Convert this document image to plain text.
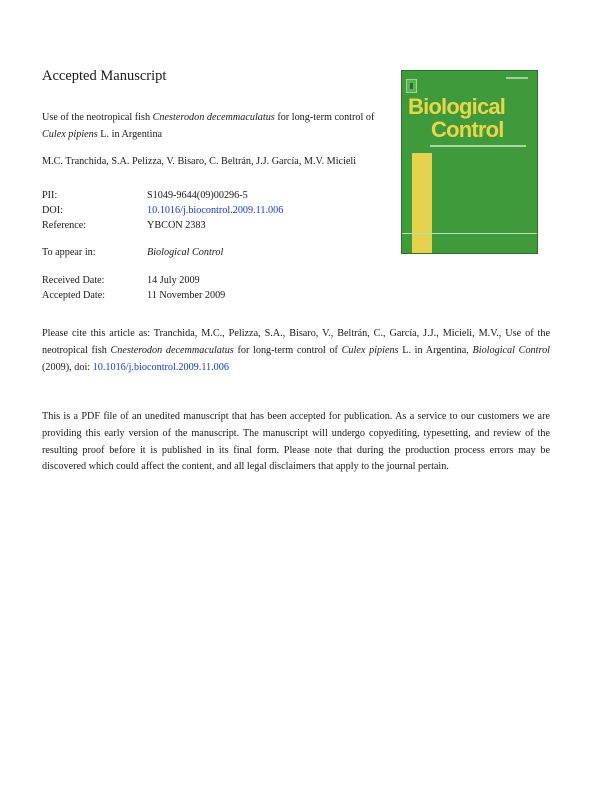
Accepted Manuscript
Use of the neotropical fish Cnesterodon decemmaculatus for long-term control of Culex pipiens L. in Argentina
M.C. Tranchida, S.A. Pelizza, V. Bisaro, C. Beltrán, J.J. García, M.V. Micieli
PII:	S1049-9644(09)00296-5
DOI:	10.1016/j.biocontrol.2009.11.006
Reference:	YBCON 2383
To appear in:	Biological Control
Received Date:	14 July 2009
Accepted Date:	11 November 2009
Please cite this article as: Tranchida, M.C., Pelizza, S.A., Bisaro, V., Beltrán, C., García, J.J., Micieli, M.V., Use of the neotropical fish Cnesterodon decemmaculatus for long-term control of Culex pipiens L. in Argentina, Biological Control (2009), doi: 10.1016/j.biocontrol.2009.11.006
This is a PDF file of an unedited manuscript that has been accepted for publication. As a service to our customers we are providing this early version of the manuscript. The manuscript will undergo copyediting, typesetting, and review of the resulting proof before it is published in its final form. Please note that during the production process errors may be discovered which could affect the content, and all legal disclaimers that apply to the journal pertain.
Biological
Control
